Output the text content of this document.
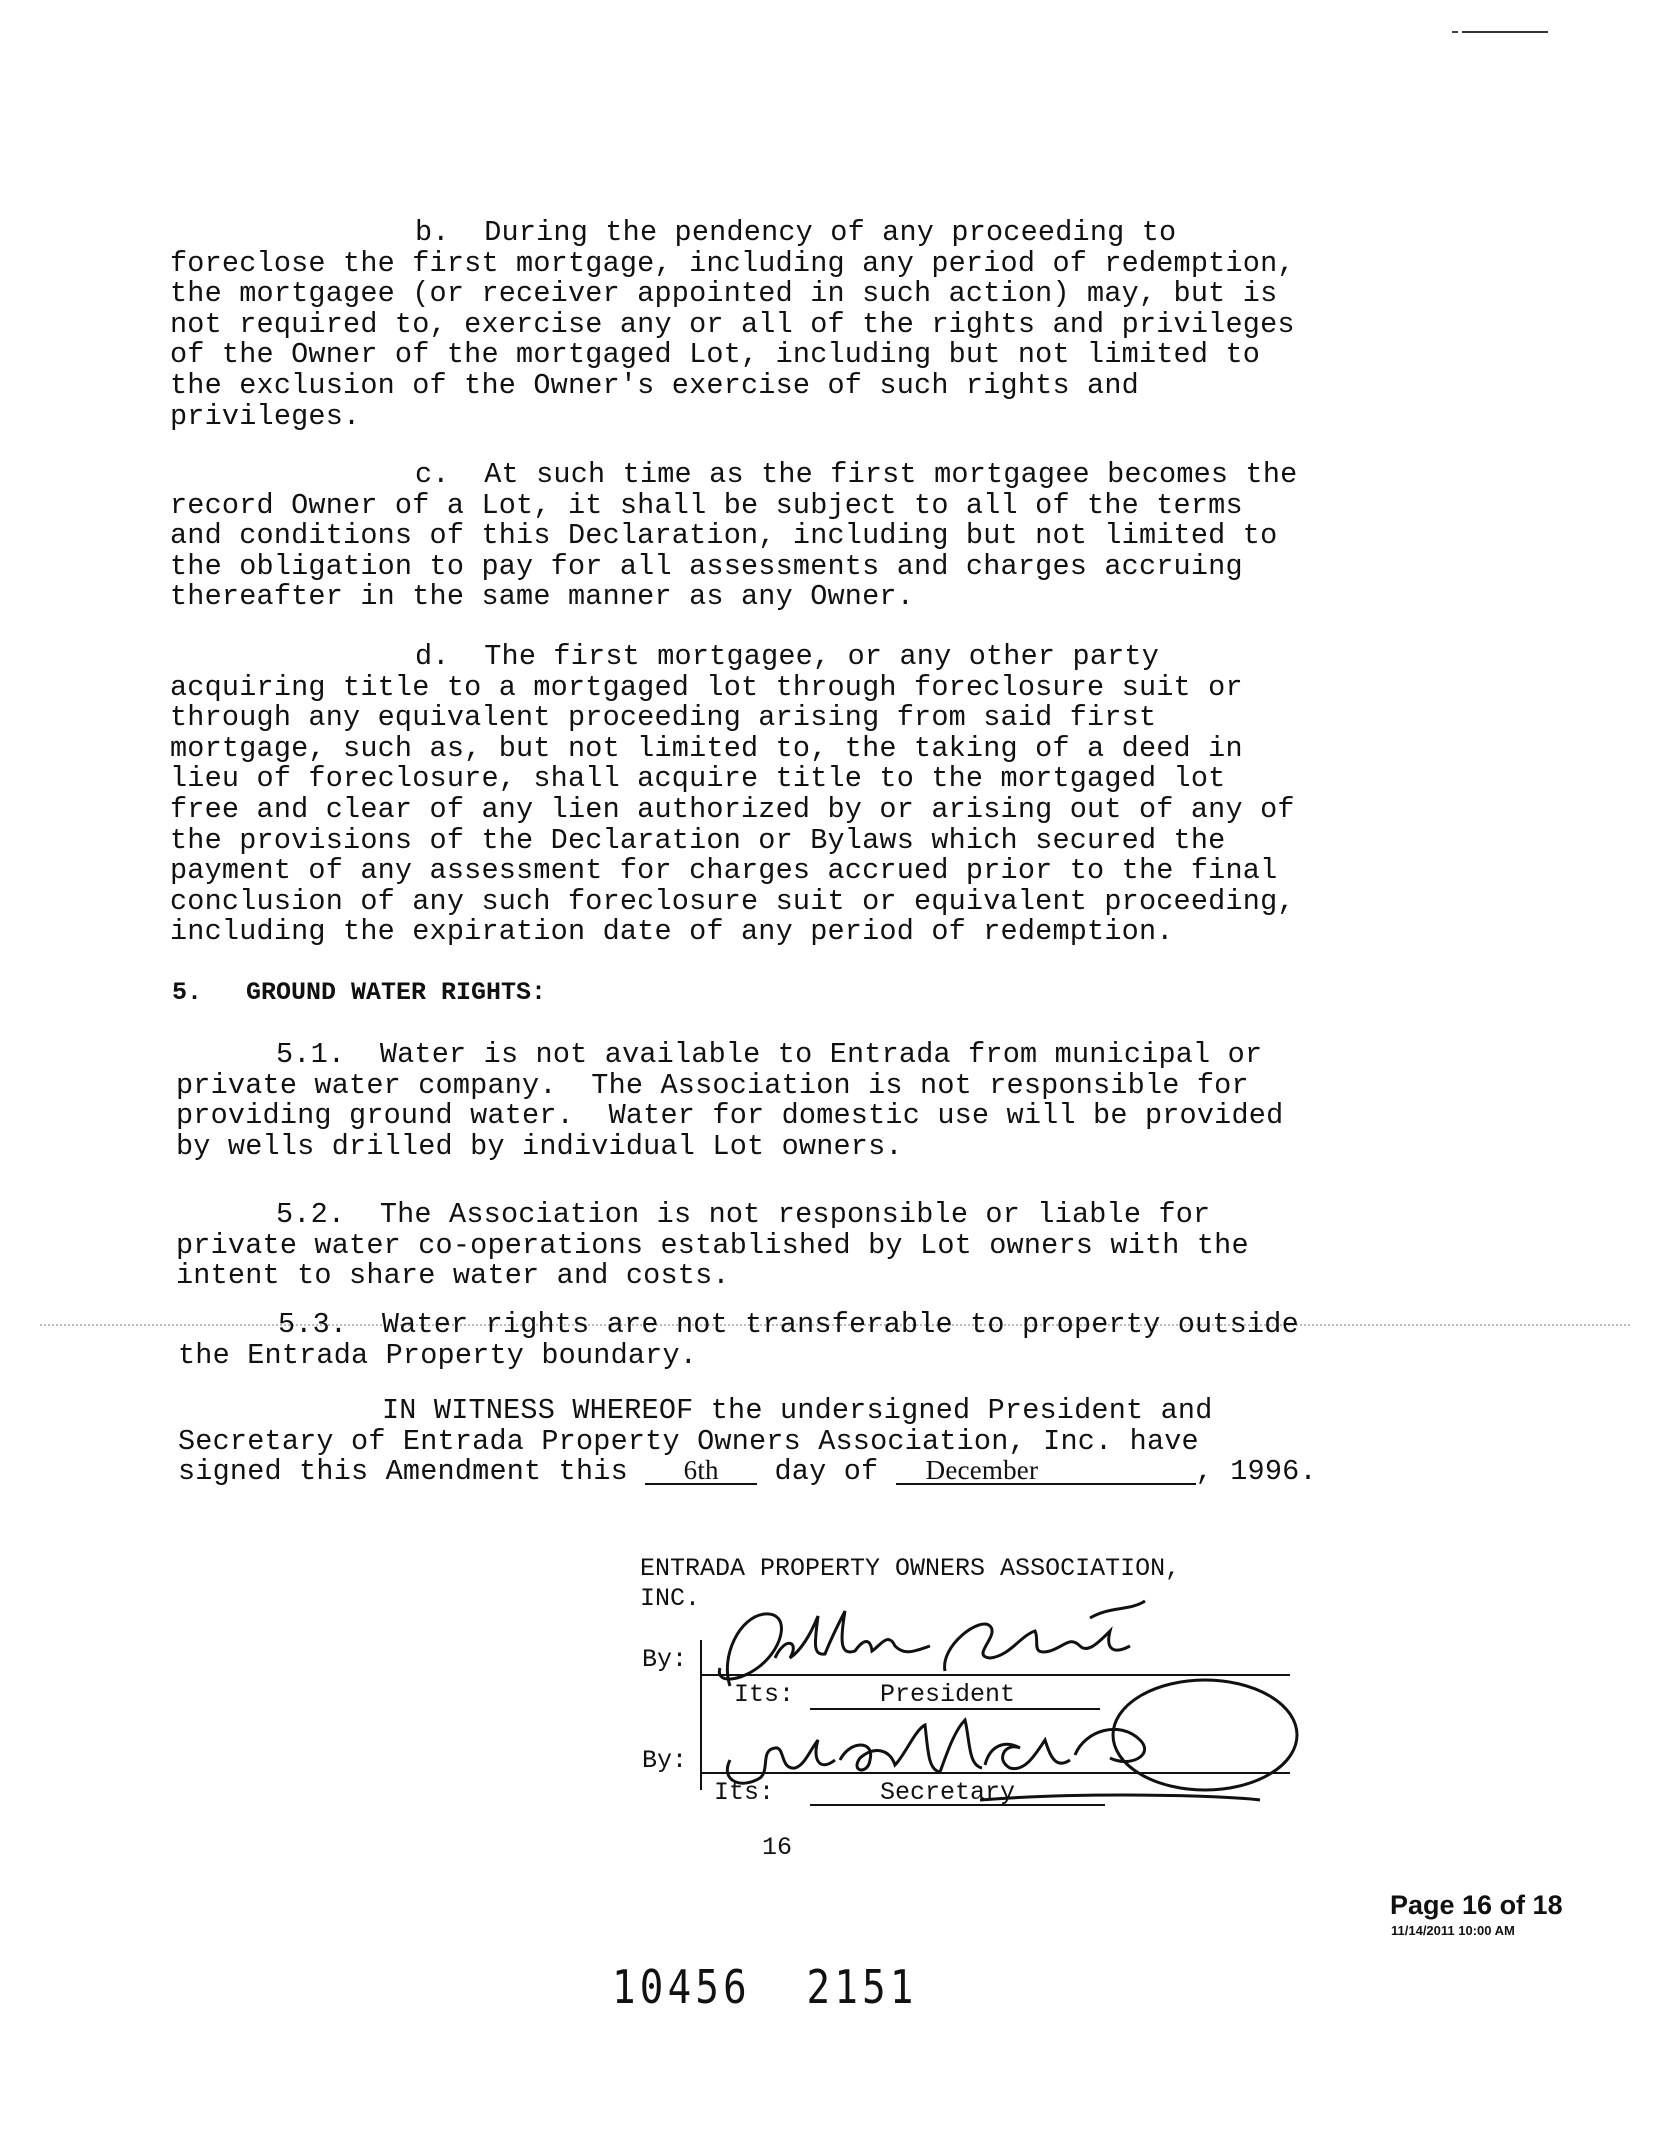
b. During the pendency of any proceeding to
foreclose the first mortgage, including any period of redemption,
the mortgagee (or receiver appointed in such action) may, but is
not required to, exercise any or all of the rights and privileges
of the Owner of the mortgaged Lot, including but not limited to
the exclusion of the Owner's exercise of such rights and
privileges.
c. At such time as the first mortgagee becomes the
record Owner of a Lot, it shall be subject to all of the terms
and conditions of this Declaration, including but not limited to
the obligation to pay for all assessments and charges accruing
thereafter in the same manner as any Owner.
d. The first mortgagee, or any other party
acquiring title to a mortgaged lot through foreclosure suit or
through any equivalent proceeding arising from said first
mortgage, such as, but not limited to, the taking of a deed in
lieu of foreclosure, shall acquire title to the mortgaged lot
free and clear of any lien authorized by or arising out of any of
the provisions of the Declaration or Bylaws which secured the
payment of any assessment for charges accrued prior to the final
conclusion of any such foreclosure suit or equivalent proceeding,
including the expiration date of any period of redemption.
5. GROUND WATER RIGHTS:
5.1. Water is not available to Entrada from municipal or
private water company.  The Association is not responsible for
providing ground water.  Water for domestic use will be provided
by wells drilled by individual Lot owners.
5.2. The Association is not responsible or liable for
private water co-operations established by Lot owners with the
intent to share water and costs.
5.3. Water rights are not transferable to property outside
the Entrada Property boundary.
IN WITNESS WHEREOF the undersigned President and
Secretary of Entrada Property Owners Association, Inc. have
signed this Amendment this 6th day of December	, 1996.
ENTRADA PROPERTY OWNERS ASSOCIATION,
INC.
By:
Its:	President
By:
Its:	Secretary
16
Page 16 of 18
11/14/2011 10:00 AM
10456  2151
